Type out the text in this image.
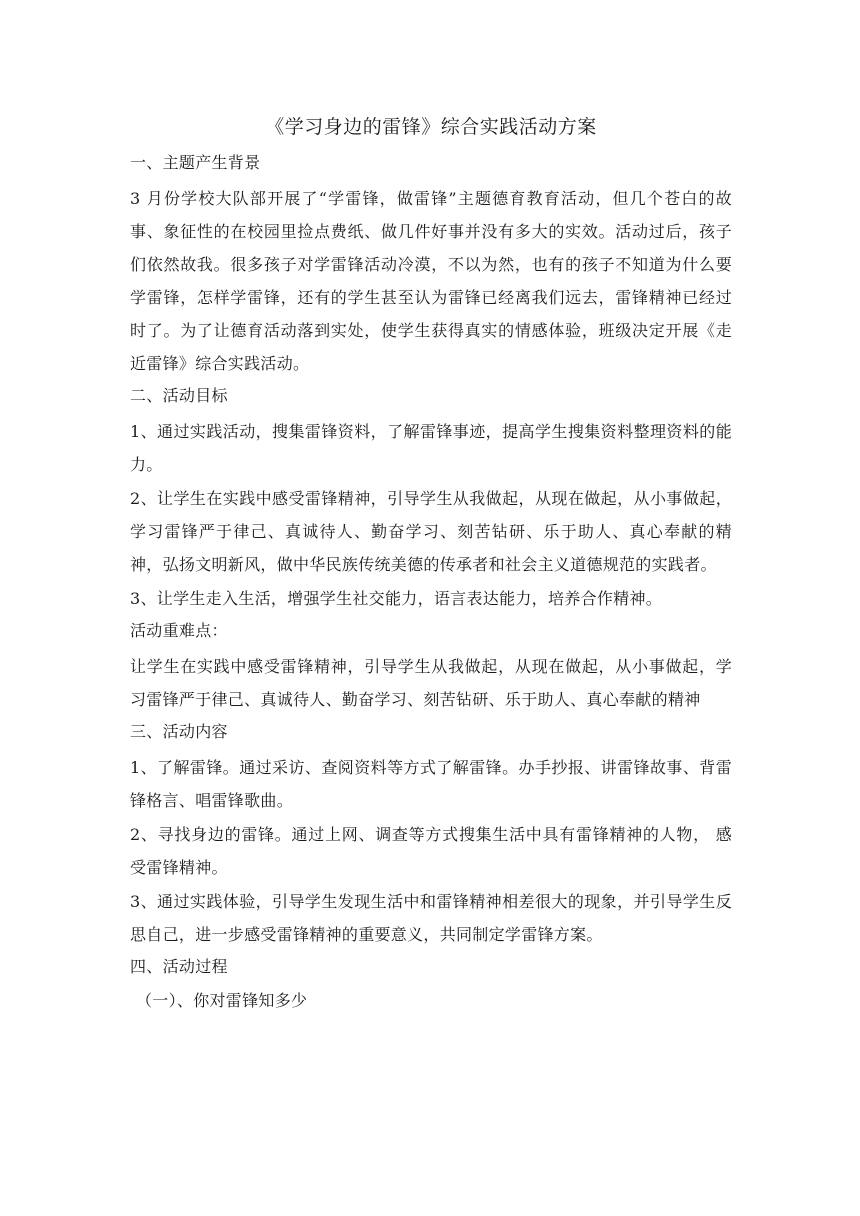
《学习身边的雷锋》综合实践活动方案
一、主题产生背景
3 月份学校大队部开展了“学雷锋，做雷锋”主题德育教育活动，但几个苍白的故事、象征性的在校园里捡点费纸、做几件好事并没有多大的实效。活动过后，孩子们依然故我。很多孩子对学雷锋活动冷漠，不以为然，也有的孩子不知道为什么要学雷锋，怎样学雷锋，还有的学生甚至认为雷锋已经离我们远去，雷锋精神已经过时了。为了让德育活动落到实处，使学生获得真实的情感体验，班级决定开展《走近雷锋》综合实践活动。
二、活动目标
1、通过实践活动，搜集雷锋资料，了解雷锋事迹，提高学生搜集资料整理资料的能力。
2、让学生在实践中感受雷锋精神，引导学生从我做起，从现在做起，从小事做起，学习雷锋严于律己、真诚待人、勤奋学习、刻苦钻研、乐于助人、真心奉献的精神，弘扬文明新风，做中华民族传统美德的传承者和社会主义道德规范的实践者。
3、让学生走入生活，增强学生社交能力，语言表达能力，培养合作精神。
活动重难点：
让学生在实践中感受雷锋精神，引导学生从我做起，从现在做起，从小事做起，学习雷锋严于律己、真诚待人、勤奋学习、刻苦钻研、乐于助人、真心奉献的精神
三、活动内容
1、了解雷锋。通过采访、查阅资料等方式了解雷锋。办手抄报、讲雷锋故事、背雷锋格言、唱雷锋歌曲。
2、寻找身边的雷锋。通过上网、调查等方式搜集生活中具有雷锋精神的人物， 感受雷锋精神。
3、通过实践体验，引导学生发现生活中和雷锋精神相差很大的现象，并引导学生反思自己，进一步感受雷锋精神的重要意义，共同制定学雷锋方案。
四、活动过程
（一）、你对雷锋知多少
